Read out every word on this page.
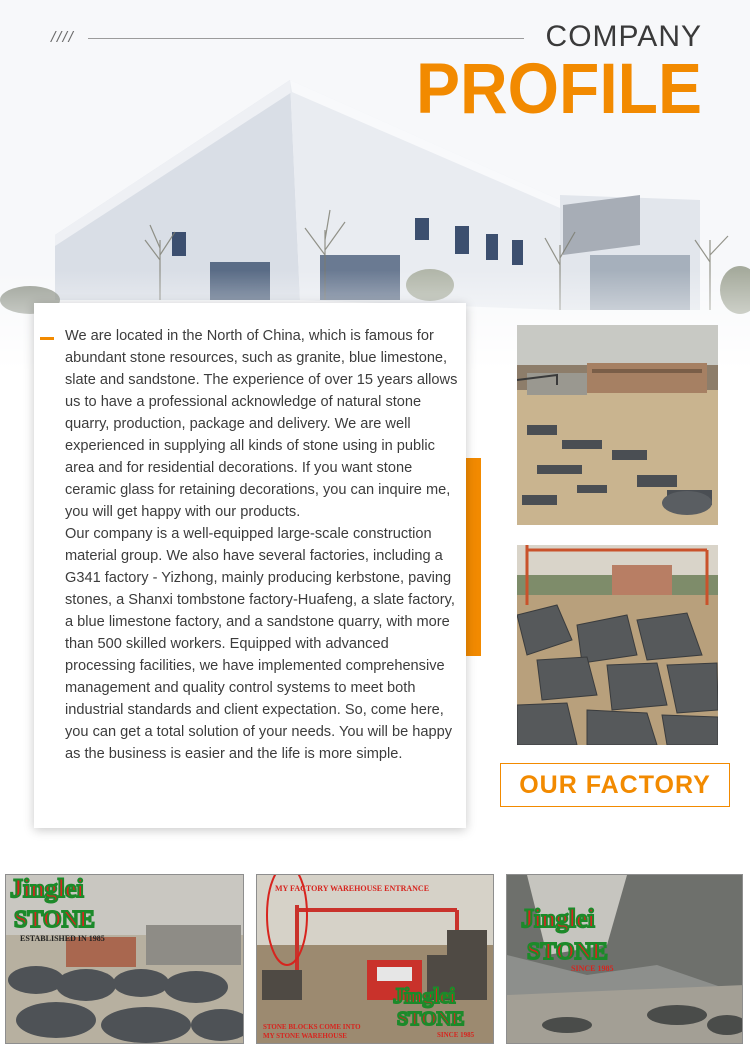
////	COMPANY
PROFILE

We are located in the North of China, which is famous for abundant stone resources, such as granite, blue limestone, slate and sandstone. The experience of over 15 years allows us to have a professional acknowledge of natural stone quarry, production, package and delivery. We are well experienced in supplying all kinds of stone using in public area and for residential decorations. If you want stone ceramic glass for retaining decorations, you can inquire me, you will get happy with our products.

Our company is a well-equipped large-scale construction material group. We also have several factories, including a G341 factory - Yizhong, mainly producing kerbstone, paving stones, a Shanxi tombstone factory-Huafeng, a slate factory, a blue limestone factory, and a sandstone quarry, with more than 500 skilled workers. Equipped with advanced processing facilities, we have implemented comprehensive management and quality control systems to meet both industrial standards and client expectation. So, come here, you can get a total solution of your needs. You will be happy as the business is easier and the life is more simple.

OUR FACTORY
Jinglei
STONE
ESTABLISHED IN 1985
MY FACTORY WAREHOUSE ENTRANCE
Jinglei
STONE
SINCE 1985
STONE BLOCKS COME INTO
MY STONE WAREHOUSE
Jinglei
STONE
SINCE 1985
